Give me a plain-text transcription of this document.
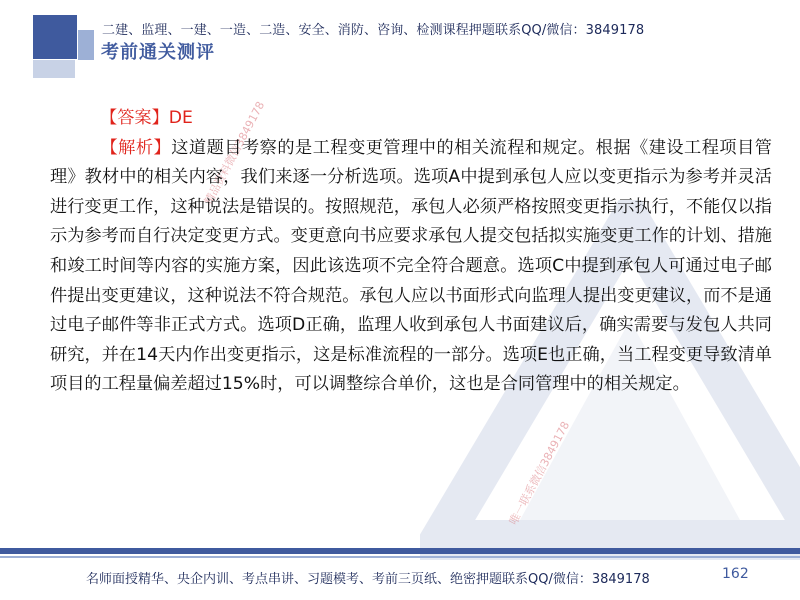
二建、监理、一建、一造、二造、安全、消防、咨询、检测课程押题联系QQ/微信：3849178
考前通关测评
精品资料微信3849178
唯一联系微信3849178

【答案】DE

【解析】这道题目考察的是工程变更管理中的相关流程和规定。根据《建设工程项目管理》教材中的相关内容，我们来逐一分析选项。选项A中提到承包人应以变更指示为参考并灵活进行变更工作，这种说法是错误的。按照规范，承包人必须严格按照变更指示执行，不能仅以指示为参考而自行决定变更方式。变更意向书应要求承包人提交包括拟实施变更工作的计划、措施和竣工时间等内容的实施方案，因此该选项不完全符合题意。选项C中提到承包人可通过电子邮件提出变更建议，这种说法不符合规范。承包人应以书面形式向监理人提出变更建议，而不是通过电子邮件等非正式方式。选项D正确，监理人收到承包人书面建议后，确实需要与发包人共同研究，并在14天内作出变更指示，这是标准流程的一部分。选项E也正确，当工程变更导致清单项目的工程量偏差超过15%时，可以调整综合单价，这也是合同管理中的相关规定。

名师面授精华、央企内训、考点串讲、习题模考、考前三页纸、绝密押题联系QQ/微信：3849178	162
